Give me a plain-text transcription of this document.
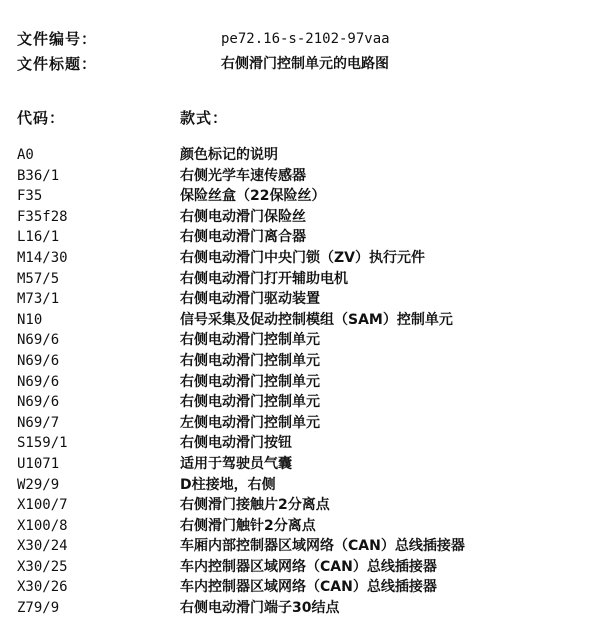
文件编号：	pe72.16-s-2102-97vaa
文件标题：	右侧滑门控制单元的电路图
代码：	款式：
A0	颜色标记的说明
B36/1	右侧光学车速传感器
F35	保险丝盒（22保险丝）
F35f28	右侧电动滑门保险丝
L16/1	右侧电动滑门离合器
M14/30	右侧电动滑门中央门锁（ZV）执行元件
M57/5	右侧电动滑门打开辅助电机
M73/1	右侧电动滑门驱动装置
N10	信号采集及促动控制模组（SAM）控制单元
N69/6	右侧电动滑门控制单元
N69/6	右侧电动滑门控制单元
N69/6	右侧电动滑门控制单元
N69/6	右侧电动滑门控制单元
N69/7	左侧电动滑门控制单元
S159/1	右侧电动滑门按钮
U1071	适用于驾驶员气囊
W29/9	D柱接地，右侧
X100/7	右侧滑门接触片2分离点
X100/8	右侧滑门触针2分离点
X30/24	车厢内部控制器区域网络（CAN）总线插接器
X30/25	车内控制器区域网络（CAN）总线插接器
X30/26	车内控制器区域网络（CAN）总线插接器
Z79/9	右侧电动滑门端子30结点
